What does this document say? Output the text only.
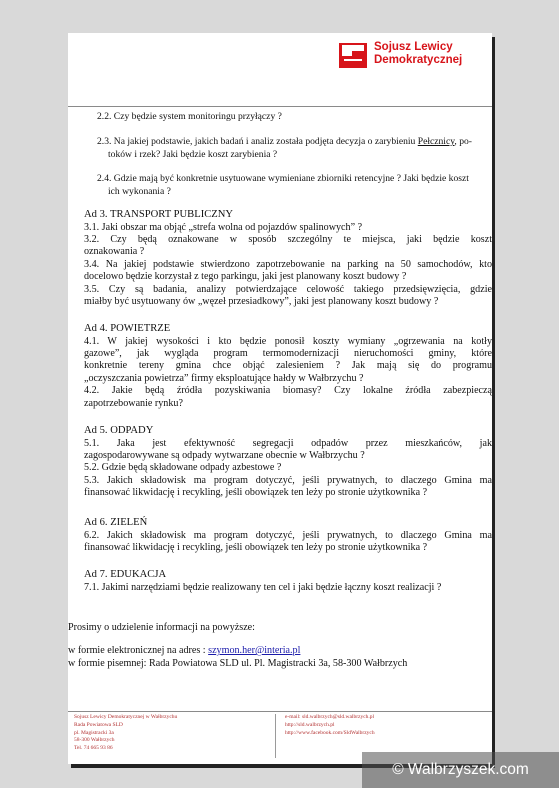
Sojusz Lewicy
Demokratycznej
2.2. Czy będzie system monitoringu przyłączy ?
2.3. Na jakiej podstawie, jakich badań i analiz została podjęta decyzja o zarybieniu Pełcznicy, po-
toków i rzek? Jaki będzie koszt zarybienia ?
2.4. Gdzie mają być konkretnie usytuowane wymieniane zbiorniki retencyjne ? Jaki będzie koszt
ich wykonania ?
Ad 3. TRANSPORT PUBLICZNY
3.1. Jaki obszar ma objąć „strefa wolna od pojazdów spalinowych” ?
3.2. Czy będą oznakowane w sposób szczególny te miejsca, jaki będzie koszt
oznakowania ?
3.4. Na jakiej podstawie stwierdzono zapotrzebowanie na parking na 50 samochodów, kto
docelowo będzie korzystał z tego parkingu, jaki jest planowany koszt budowy ?
3.5. Czy są badania, analizy potwierdzające celowość takiego przedsięwzięcia, gdzie
miałby być usytuowany ów „węzeł przesiadkowy”, jaki jest planowany koszt budowy ?
Ad 4. POWIETRZE
4.1. W jakiej wysokości i kto będzie ponosił koszty wymiany „ogrzewania na kotły
gazowe”, jak wygląda program termomodernizacji nieruchomości gminy, które
konkretnie tereny gmina chce objąć zalesieniem ? Jak mają się do programu
„oczyszczania powietrza” firmy eksploatujące hałdy w Wałbrzychu ?
4.2. Jakie będą źródła pozyskiwania biomasy? Czy lokalne źródła zabezpieczą
zapotrzebowanie rynku?
Ad 5. ODPADY
5.1. Jaka jest efektywność segregacji odpadów przez mieszkańców, jak
zagospodarowywane są odpady wytwarzane obecnie w Wałbrzychu ?
5.2. Gdzie będą składowane odpady azbestowe ?
5.3. Jakich składowisk ma program dotyczyć, jeśli prywatnych, to dlaczego Gmina ma
finansować likwidację i recykling, jeśli obowiązek ten leży po stronie użytkownika ?
Ad 6. ZIELEŃ
6.2. Jakich składowisk ma program dotyczyć, jeśli prywatnych, to dlaczego Gmina ma
finansować likwidację i recykling, jeśli obowiązek ten leży po stronie użytkownika ?
Ad 7. EDUKACJA
7.1. Jakimi narzędziami będzie realizowany ten cel i jaki będzie łączny koszt realizacji ?
Prosimy o udzielenie informacji na powyższe:
w formie elektronicznej na adres : szymon.her@interia.pl
w formie pisemnej: Rada Powiatowa SLD ul. Pl. Magistracki 3a, 58-300 Wałbrzych
Sojusz Lewicy Demokratycznej w Wałbrzychu
Rada Powiatowa SLD
pl. Magistracki 3a
58-300 Wałbrzych
Tel. 74 665 93 86
e-mail: sld.walbrzych@sld.walbrzych.pl
http://sld.walbrzych.pl
http://www.facebook.com/SldWalbrzych
© Walbrzyszek.com
